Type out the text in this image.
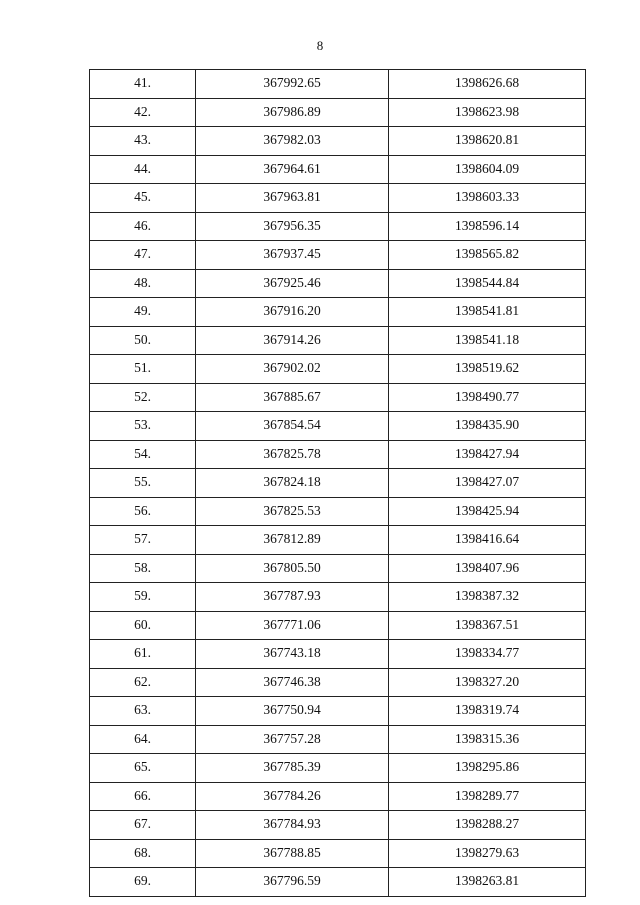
8
41.	367992.65	1398626.68
42.	367986.89	1398623.98
43.	367982.03	1398620.81
44.	367964.61	1398604.09
45.	367963.81	1398603.33
46.	367956.35	1398596.14
47.	367937.45	1398565.82
48.	367925.46	1398544.84
49.	367916.20	1398541.81
50.	367914.26	1398541.18
51.	367902.02	1398519.62
52.	367885.67	1398490.77
53.	367854.54	1398435.90
54.	367825.78	1398427.94
55.	367824.18	1398427.07
56.	367825.53	1398425.94
57.	367812.89	1398416.64
58.	367805.50	1398407.96
59.	367787.93	1398387.32
60.	367771.06	1398367.51
61.	367743.18	1398334.77
62.	367746.38	1398327.20
63.	367750.94	1398319.74
64.	367757.28	1398315.36
65.	367785.39	1398295.86
66.	367784.26	1398289.77
67.	367784.93	1398288.27
68.	367788.85	1398279.63
69.	367796.59	1398263.81
